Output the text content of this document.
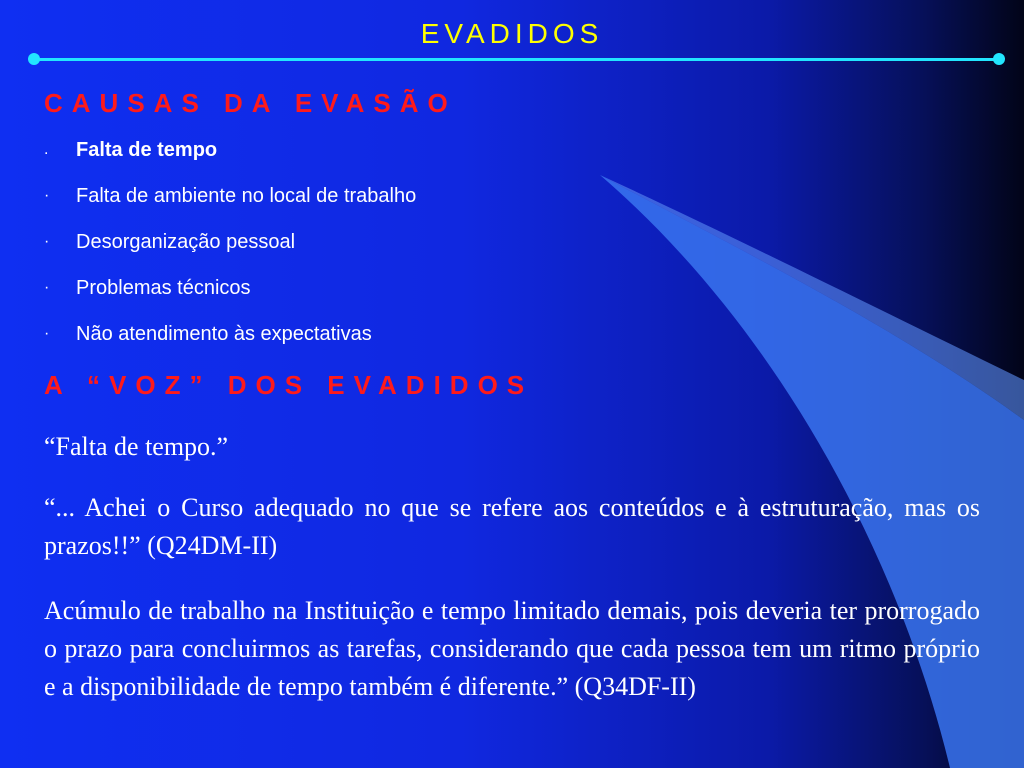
EVADIDOS
CAUSAS DA EVASÃO
.	Falta de tempo
·	Falta de ambiente no local de trabalho
·	Desorganização pessoal
·	Problemas técnicos
·	Não atendimento às expectativas
A “VOZ” DOS EVADIDOS
“Falta de tempo.”
“... Achei o Curso adequado no que se refere aos conteúdos e à estruturação, mas os prazos!!” (Q24DM-II)
Acúmulo de trabalho na Instituição e tempo limitado demais, pois deveria ter prorrogado o prazo para concluirmos as tarefas, considerando que cada pessoa tem um ritmo próprio e a disponibilidade de tempo também é diferente.” (Q34DF-II)
